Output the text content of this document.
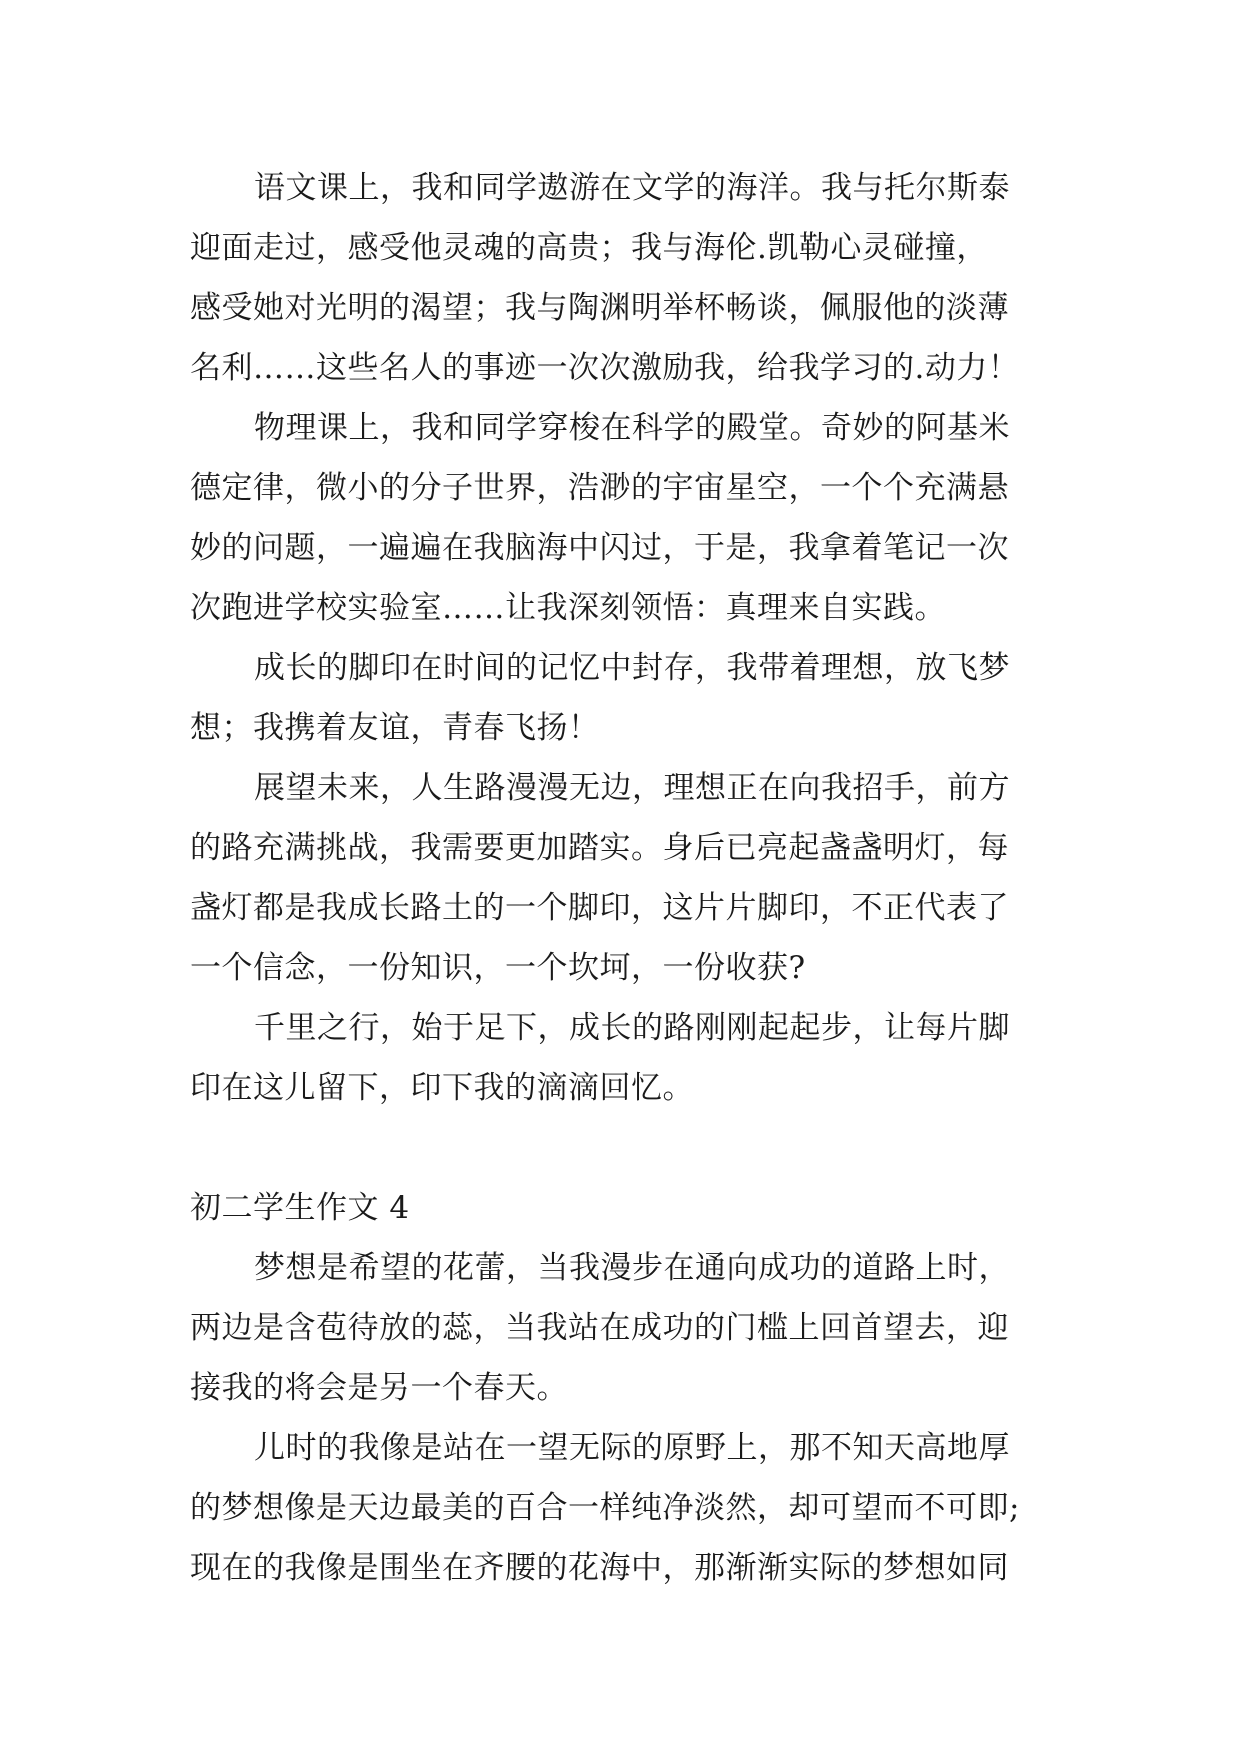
语文课上，我和同学遨游在文学的海洋。我与托尔斯泰
迎面走过，感受他灵魂的高贵；我与海伦.凯勒心灵碰撞，
感受她对光明的渴望；我与陶渊明举杯畅谈，佩服他的淡薄
名利……这些名人的事迹一次次激励我，给我学习的.动力！
物理课上，我和同学穿梭在科学的殿堂。奇妙的阿基米
德定律，微小的分子世界，浩渺的宇宙星空，一个个充满悬
妙的问题，一遍遍在我脑海中闪过，于是，我拿着笔记一次
次跑进学校实验室……让我深刻领悟：真理来自实践。
成长的脚印在时间的记忆中封存，我带着理想，放飞梦
想；我携着友谊，青春飞扬！
展望未来，人生路漫漫无边，理想正在向我招手，前方
的路充满挑战，我需要更加踏实。身后已亮起盏盏明灯，每
盏灯都是我成长路土的一个脚印，这片片脚印，不正代表了
一个信念，一份知识，一个坎坷，一份收获?
千里之行，始于足下，成长的路刚刚起起步，让每片脚
印在这儿留下，印下我的滴滴回忆。
初二学生作文 4
梦想是希望的花蕾，当我漫步在通向成功的道路上时，
两边是含苞待放的蕊，当我站在成功的门槛上回首望去，迎
接我的将会是另一个春天。
儿时的我像是站在一望无际的原野上，那不知天高地厚
的梦想像是天边最美的百合一样纯净淡然，却可望而不可即;
现在的我像是围坐在齐腰的花海中，那渐渐实际的梦想如同
